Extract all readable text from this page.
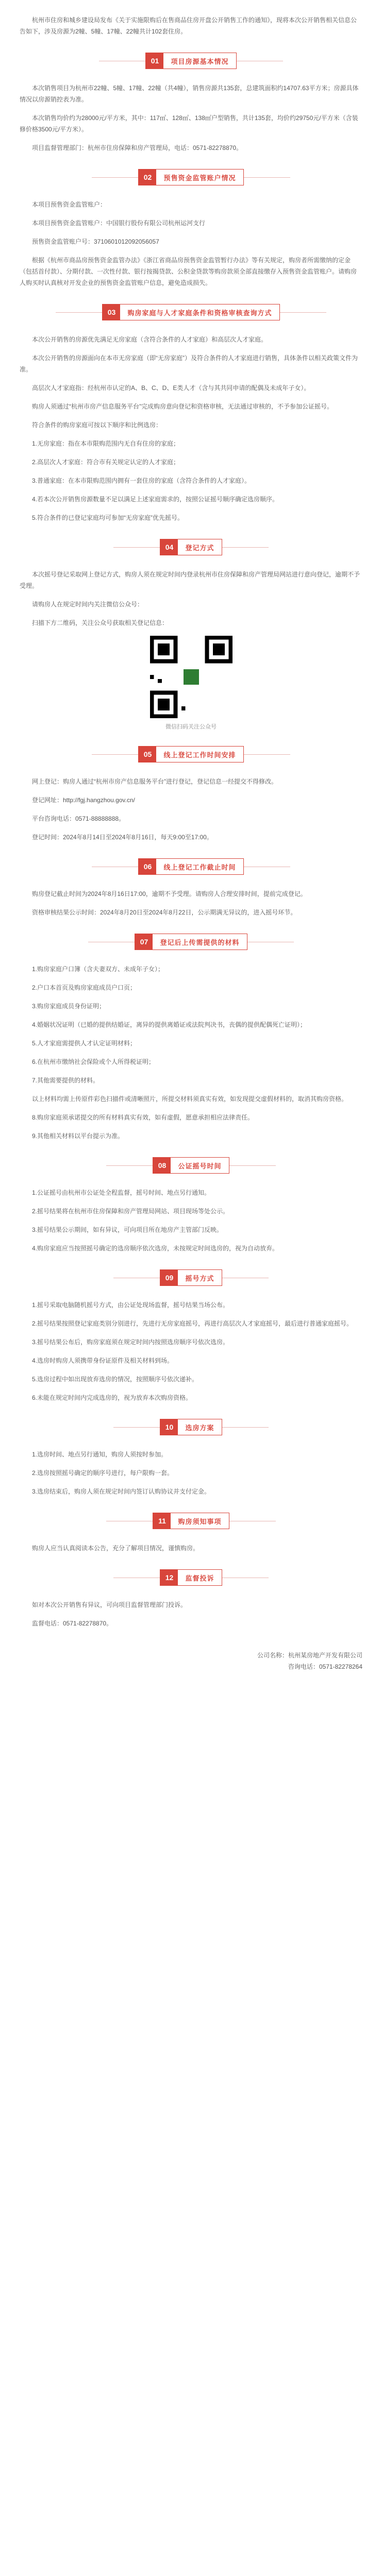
杭州市住房和城乡建设局发布《关于实施限购后在售商品住房开盘公开销售工作的通知》，现将本次公开销售相关信息公告如下，涉及房源为2幢、5幢、17幢、22幢共计102套住房。

01	项目房源基本情况

本次销售项目为杭州市22幢、5幢、17幢、22幢（共4幢），销售房源共135套，总建筑面积约14707.63平方米；房源具体情况以房源销控表为准。

本次销售均价约为28000元/平方米，其中：117㎡、128㎡、138㎡户型销售，共计135套，均价约29750元/平方米（含装修价格3500元/平方米）。

项目监督管理部门：杭州市住房保障和房产管理局，电话：0571-82278870。

02	预售资金监管账户情况

本项目预售资金监管账户：

本项目预售资金监管账户：中国银行股份有限公司杭州运河支行

预售资金监管账户号：3710601012092056057

根据《杭州市商品房预售资金监管办法》《浙江省商品房预售资金监管暂行办法》等有关规定，购房者所需缴纳的定金（包括首付款）、分期付款、一次性付款、银行按揭贷款、公积金贷款等购房款须全部直接缴存入预售资金监管账户。请购房人购买时认真核对开发企业的预售资金监管账户信息，避免造成损失。

03	购房家庭与人才家庭条件和资格审核查询方式

本次公开销售的房源优先满足无房家庭（含符合条件的人才家庭）和高层次人才家庭。

本次公开销售的房源面向在本市无房家庭（即“无房家庭”）及符合条件的人才家庭进行销售，具体条件以相关政策文件为准。

高层次人才家庭指：经杭州市认定的A、B、C、D、E类人才（含与其共同申请的配偶及未成年子女）。

购房人须通过“杭州市房产信息服务平台”完成购房意向登记和资格审核，无法通过审核的，不予参加公证摇号。

符合条件的购房家庭可按以下顺序和比例选房：

1.无房家庭：指在本市限购范围内无自有住房的家庭；

2.高层次人才家庭：符合市有关规定认定的人才家庭；

3.普通家庭：在本市限购范围内拥有一套住房的家庭（含符合条件的人才家庭）。

4.若本次公开销售房源数量不足以满足上述家庭需求的，按照公证摇号顺序确定选房顺序。

5.符合条件的已登记家庭均可参加“无房家庭”优先摇号。

04	登记方式

本次摇号登记采取网上登记方式，购房人须在规定时间内登录杭州市住房保障和房产管理局网站进行意向登记，逾期不予受理。

请购房人在规定时间内关注微信公众号：

扫描下方二维码，关注公众号获取相关登记信息：

微信扫码关注公众号
05	线上登记工作时间安排

网上登记：购房人通过“杭州市房产信息服务平台”进行登记，登记信息一经提交不得修改。

登记网址：http://fgj.hangzhou.gov.cn/

平台咨询电话：0571-88888888。

登记时间：2024年8月14日至2024年8月16日，每天9:00至17:00。

06	线上登记工作截止时间

购房登记截止时间为2024年8月16日17:00，逾期不予受理。请购房人合理安排时间，提前完成登记。

资格审核结果公示时间：2024年8月20日至2024年8月22日，公示期满无异议的，进入摇号环节。

07	登记后上传需提供的材料

1.购房家庭户口簿（含夫妻双方、未成年子女）；

2.户口本首页及购房家庭成员户口页；

3.购房家庭成员身份证明；

4.婚姻状况证明（已婚的提供结婚证，离异的提供离婚证或法院判决书，丧偶的提供配偶死亡证明）；

5.人才家庭需提供人才认定证明材料；

6.在杭州市缴纳社会保险或个人所得税证明；

7.其他需要提供的材料。

以上材料均需上传原件彩色扫描件或清晰照片，所提交材料须真实有效，如发现提交虚假材料的，取消其购房资格。

8.购房家庭须承诺提交的所有材料真实有效，如有虚假，愿意承担相应法律责任。

9.其他相关材料以平台提示为准。

08	公证摇号时间

1.公证摇号由杭州市公证处全程监督，摇号时间、地点另行通知。

2.摇号结果将在杭州市住房保障和房产管理局网站、项目现场等处公示。

3.摇号结果公示期间，如有异议，可向项目所在地房产主管部门反映。

4.购房家庭应当按照摇号确定的选房顺序依次选房，未按规定时间选房的，视为自动放弃。

09	摇号方式

1.摇号采取电脑随机摇号方式，由公证处现场监督，摇号结果当场公布。

2.摇号结果按照登记家庭类别分别进行，先进行无房家庭摇号，再进行高层次人才家庭摇号，最后进行普通家庭摇号。

3.摇号结果公布后，购房家庭须在规定时间内按照选房顺序号依次选房。

4.选房时购房人须携带身份证原件及相关材料到场。

5.选房过程中如出现放弃选房的情况，按照顺序号依次递补。

6.未能在规定时间内完成选房的，视为放弃本次购房资格。

10	选房方案

1.选房时间、地点另行通知，购房人须按时参加。

2.选房按照摇号确定的顺序号进行，每户限购一套。

3.选房结束后，购房人须在规定时间内签订认购协议并支付定金。

11	购房须知事项

购房人应当认真阅读本公告，充分了解项目情况，谨慎购房。

12	监督投诉

如对本次公开销售有异议，可向项目监督管理部门投诉。

监督电话：0571-82278870。

公司名称：杭州某房地产开发有限公司
咨询电话：0571-82278264
